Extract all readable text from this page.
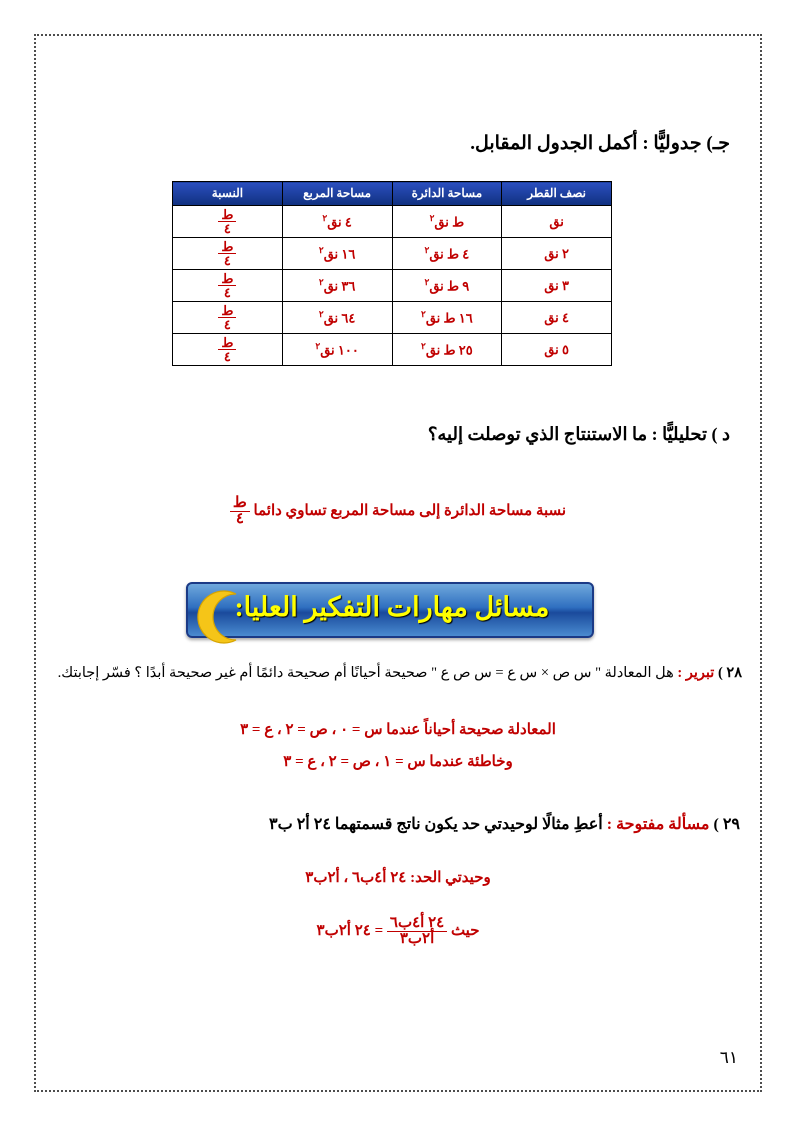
جـ) جدوليًّا : أكمل الجدول المقابل.
نصف القطر	مساحة الدائرة	مساحة المربع	النسبة
نق	ط نق$^٢$	٤ نق$^٢$	$\frac{\text{ط}}{٤}$

٢ نق	٤ ط نق$^٢$	١٦ نق$^٢$	$\frac{\text{ط}}{٤}$

٣ نق	٩ ط نق$^٢$	٣٦ نق$^٢$	$\frac{\text{ط}}{٤}$

٤ نق	١٦ ط نق$^٢$	٦٤ نق$^٢$	$\frac{\text{ط}}{٤}$

٥ نق	٢٥ ط نق$^٢$	١٠٠ نق$^٢$	$\frac{\text{ط}}{٤}$
د ) تحليليًّا : ما الاستنتاج الذي توصلت إليه؟
نسبة مساحة الدائرة إلى مساحة المربع تساوي دائما
$\frac{\text{ط}}{٤}$
مسائل مهارات التفكير العليا:
٢٨ ) تبرير : هل المعادلة " س ص × س ع = س ص ع " صحيحة أحيانًا أم صحيحة دائمًا أم غير صحيحة أبدًا ؟ فسّر إجابتك.
المعادلة صحيحة أحياناً عندما س = ٠ ، ص = ٢ ، ع = ٣
وخاطئة عندما س = ١ ، ص = ٢ ، ع = ٣
٢٩ ) مسألة مفتوحة : أعطِ مثالًا لوحيدتي حد يكون ناتج قسمتهما ٢٤ أ٢ ب٣
وحيدتي الحد: ٢٤ أ٤ب٦ ، أ٢ب٣
حيث
$\frac{\text{٢٤ أ٤ب٦}}{\text{أ٢ب٣}}$
= ٢٤ أ٢ب٣
٦١
